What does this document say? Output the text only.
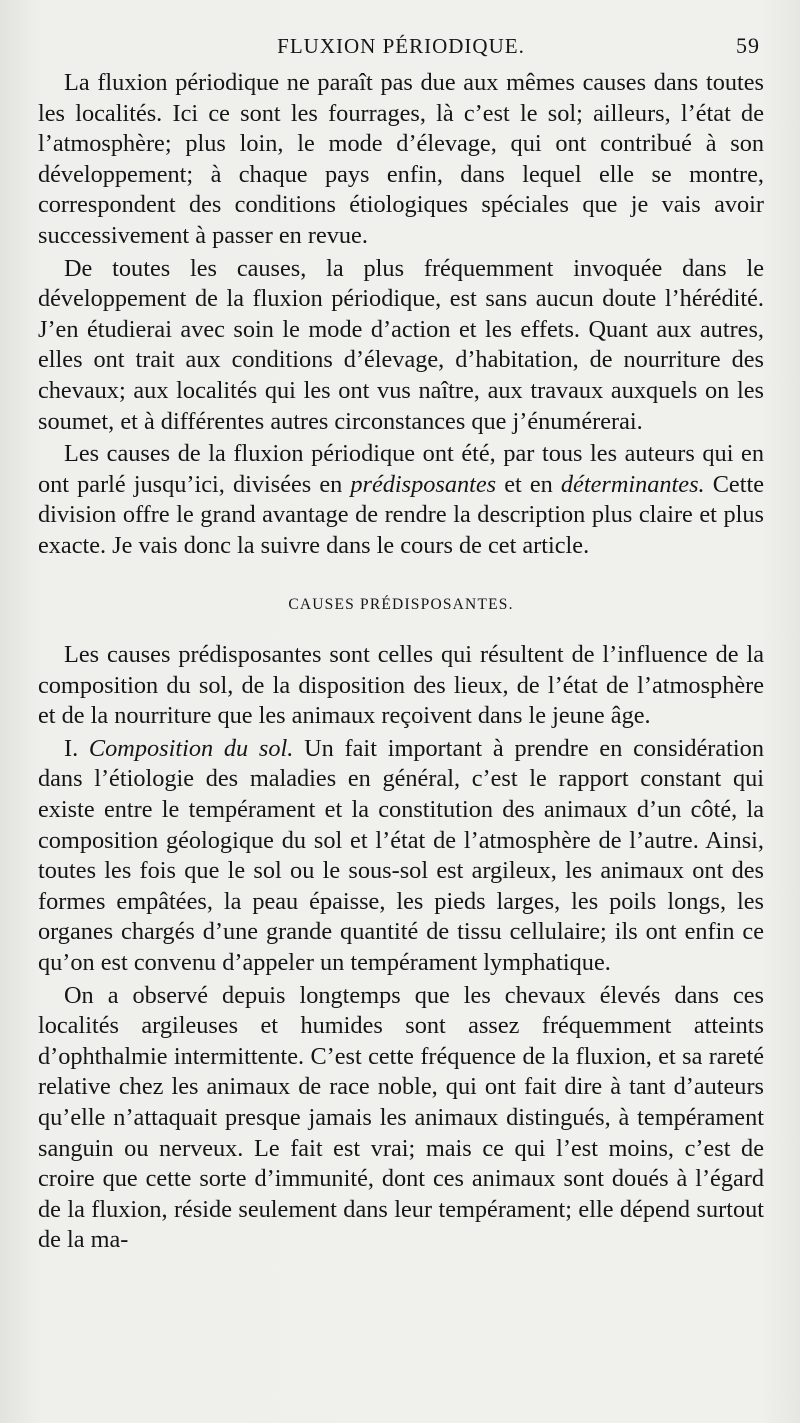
FLUXION PÉRIODIQUE.	59

La fluxion périodique ne paraît pas due aux mêmes causes dans toutes les localités. Ici ce sont les fourrages, là c’est le sol; ailleurs, l’état de l’atmosphère; plus loin, le mode d’élevage, qui ont contribué à son développement; à chaque pays enfin, dans lequel elle se montre, correspondent des conditions étiologiques spéciales que je vais avoir successivement à passer en revue.

De toutes les causes, la plus fréquemment invoquée dans le développement de la fluxion périodique, est sans aucun doute l’hérédité. J’en étudierai avec soin le mode d’action et les effets. Quant aux autres, elles ont trait aux conditions d’élevage, d’habitation, de nourriture des chevaux; aux localités qui les ont vus naître, aux travaux auxquels on les soumet, et à différentes autres circonstances que j’énumérerai.

Les causes de la fluxion périodique ont été, par tous les auteurs qui en ont parlé jusqu’ici, divisées en prédisposantes et en déterminantes. Cette division offre le grand avantage de rendre la description plus claire et plus exacte. Je vais donc la suivre dans le cours de cet article.

CAUSES PRÉDISPOSANTES.

Les causes prédisposantes sont celles qui résultent de l’influence de la composition du sol, de la disposition des lieux, de l’état de l’atmosphère et de la nourriture que les animaux reçoivent dans le jeune âge.

I. Composition du sol. Un fait important à prendre en considération dans l’étiologie des maladies en général, c’est le rapport constant qui existe entre le tempérament et la constitution des animaux d’un côté, la composition géologique du sol et l’état de l’atmosphère de l’autre. Ainsi, toutes les fois que le sol ou le sous-sol est argileux, les animaux ont des formes empâtées, la peau épaisse, les pieds larges, les poils longs, les organes chargés d’une grande quantité de tissu cellulaire; ils ont enfin ce qu’on est convenu d’appeler un tempérament lymphatique.

On a observé depuis longtemps que les chevaux élevés dans ces localités argileuses et humides sont assez fréquemment atteints d’ophthalmie intermittente. C’est cette fréquence de la fluxion, et sa rareté relative chez les animaux de race noble, qui ont fait dire à tant d’auteurs qu’elle n’attaquait presque jamais les animaux distingués, à tempérament sanguin ou nerveux. Le fait est vrai; mais ce qui l’est moins, c’est de croire que cette sorte d’immunité, dont ces animaux sont doués à l’égard de la fluxion, réside seulement dans leur tempérament; elle dépend surtout de la ma-
